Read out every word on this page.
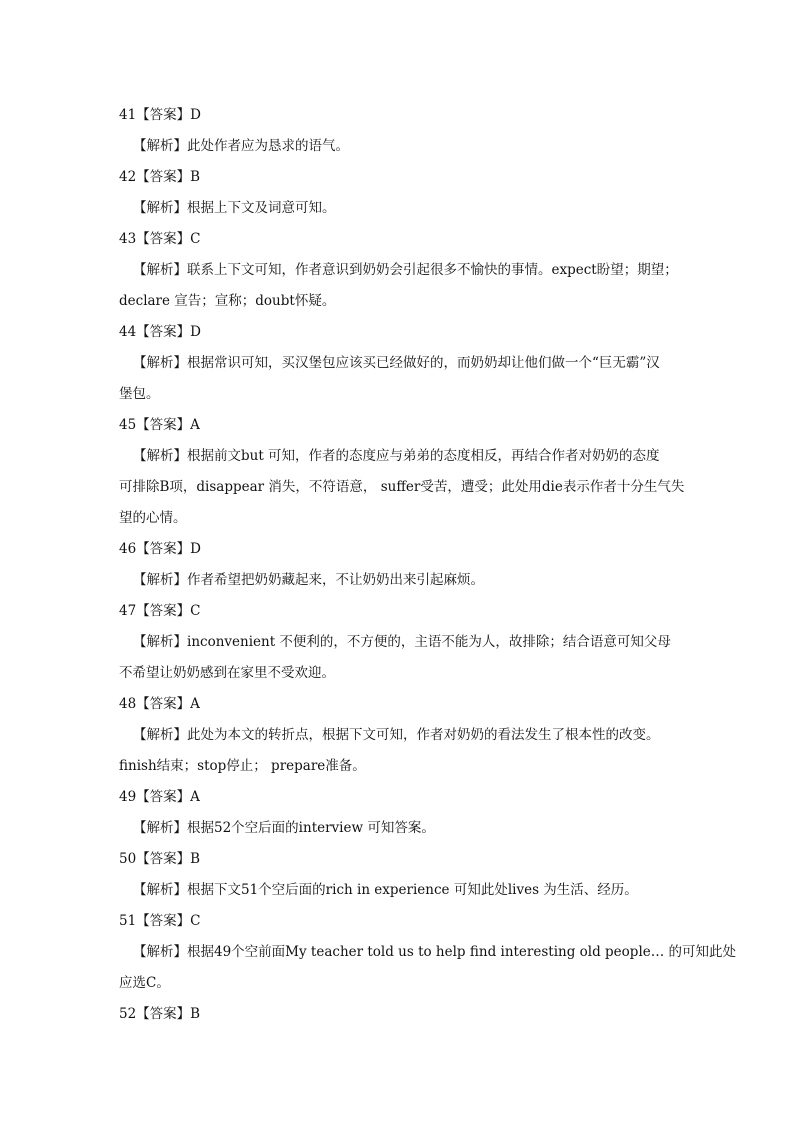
41【答案】D
【解析】此处作者应为恳求的语气。
42【答案】B
【解析】根据上下文及词意可知。
43【答案】C
【解析】联系上下文可知，作者意识到奶奶会引起很多不愉快的事情。expect盼望；期望；
declare 宣告；宣称；doubt怀疑。
44【答案】D
【解析】根据常识可知，买汉堡包应该买已经做好的，而奶奶却让他们做一个“巨无霸”汉
堡包。
45【答案】A
【解析】根据前文but 可知，作者的态度应与弟弟的态度相反，再结合作者对奶奶的态度
可排除B项，disappear 消失，不符语意， suffer受苦，遭受；此处用die表示作者十分生气失
望的心情。
46【答案】D
【解析】作者希望把奶奶藏起来，不让奶奶出来引起麻烦。
47【答案】C
【解析】inconvenient 不便利的，不方便的，主语不能为人，故排除；结合语意可知父母
不希望让奶奶感到在家里不受欢迎。
48【答案】A
【解析】此处为本文的转折点，根据下文可知，作者对奶奶的看法发生了根本性的改变。
finish结束；stop停止； prepare准备。
49【答案】A
【解析】根据52个空后面的interview 可知答案。
50【答案】B
【解析】根据下文51个空后面的rich in experience 可知此处lives 为生活、经历。
51【答案】C
【解析】根据49个空前面My teacher told us to help find interesting old people… 的可知此处
应选C。
52【答案】B
